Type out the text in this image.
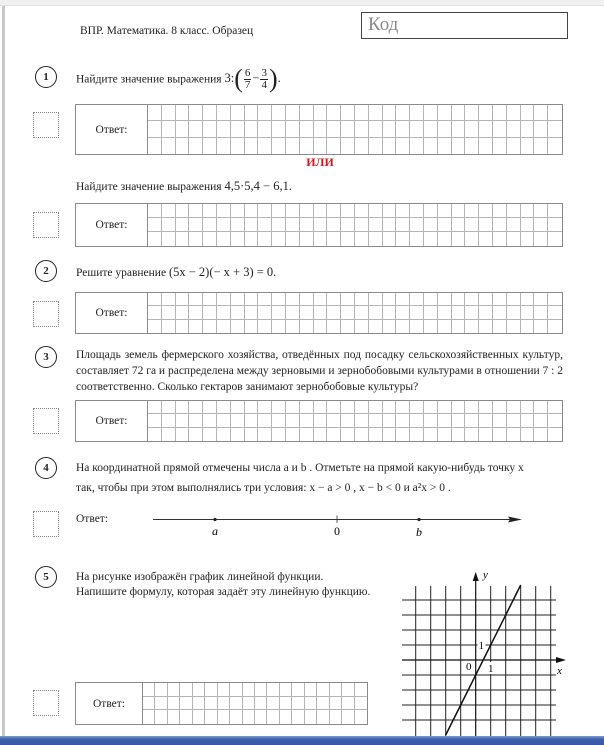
ВПР. Математика. 8 класс. Образец	Код
1	Найдите значение выражения 3:( $\frac{6}{7} - \frac{3}{4}$ ).
Ответ:
ИЛИ
Найдите значение выражения 4,5·5,4 − 6,1.
Ответ:
2	Решите уравнение (5x − 2)(− x + 3) = 0.
Ответ:
3	Площадь земель фермерского хозяйства, отведённых под посадку сельскохозяйственных культур, составляет 72 га и распределена между зерновыми и зернобобовыми культурами в отношении 7 : 2 соответственно. Сколько гектаров занимают зернобобовые культуры?
Ответ:
4	На координатной прямой отмечены числа a и b . Отметьте на прямой какую-нибудь точку x
так, чтобы при этом выполнялись три условия: x − a > 0 , x − b < 0 и a²x > 0 .
Ответ:
a	0	b
5	На рисунке изображён график линейной функции.
Напишите формулу, которая задаёт эту линейную функцию.
y
x
0 1
1
Ответ:
